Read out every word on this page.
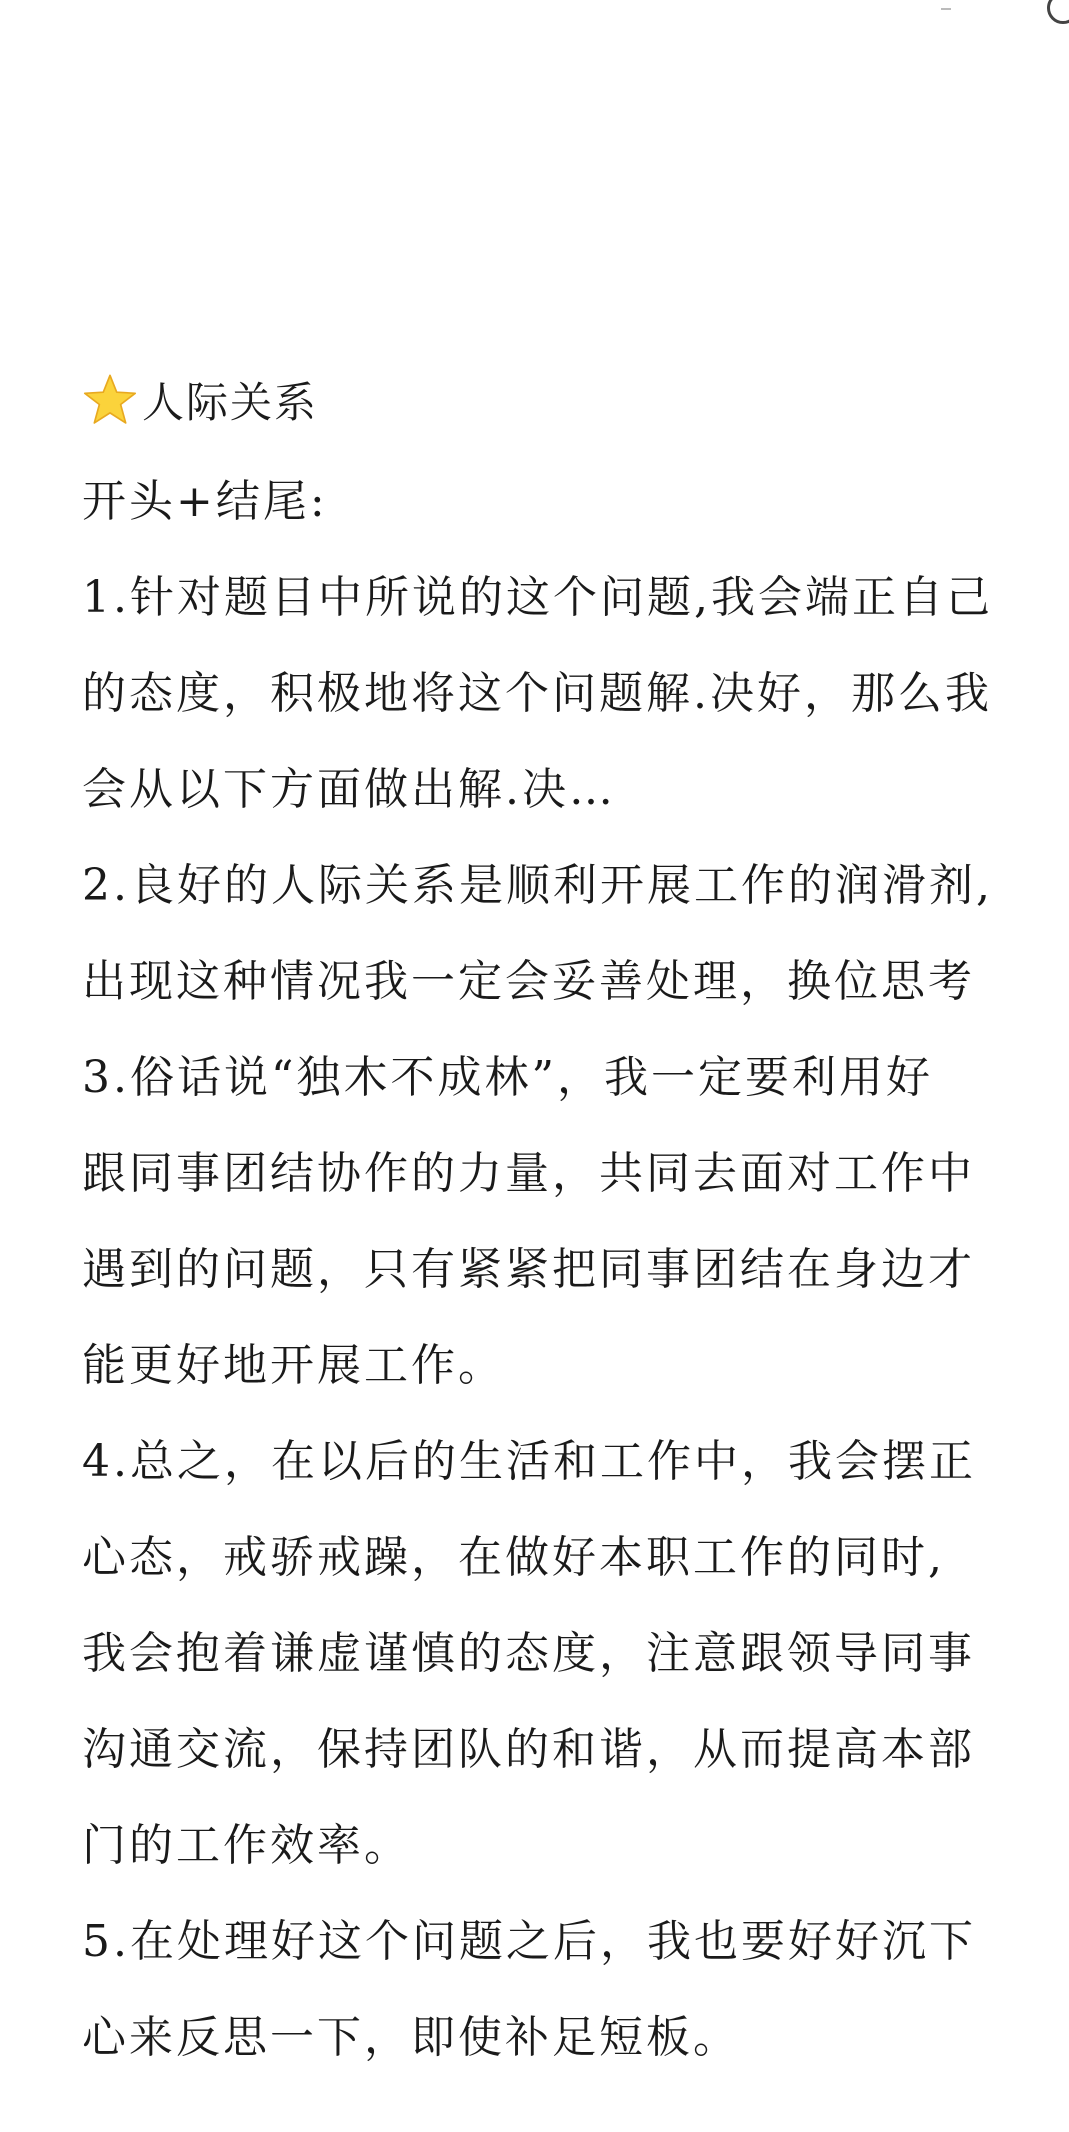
人际关系
开头+结尾:
1.针对题目中所说的这个问题,我会端正自己
的态度，积极地将这个问题解.决好，那么我
会从以下方面做出解.决…
2.良好的人际关系是顺利开展工作的润滑剂,
出现这种情况我一定会妥善处理，换位思考
3.俗话说“独木不成林”，我一定要利用好
跟同事团结协作的力量，共同去面对工作中
遇到的问题，只有紧紧把同事团结在身边才
能更好地开展工作。
4.总之，在以后的生活和工作中，我会摆正
心态，戒骄戒躁，在做好本职工作的同时,
我会抱着谦虚谨慎的态度，注意跟领导同事
沟通交流，保持团队的和谐，从而提高本部
门的工作效率。
5.在处理好这个问题之后，我也要好好沉下
心来反思一下，即使补足短板。
